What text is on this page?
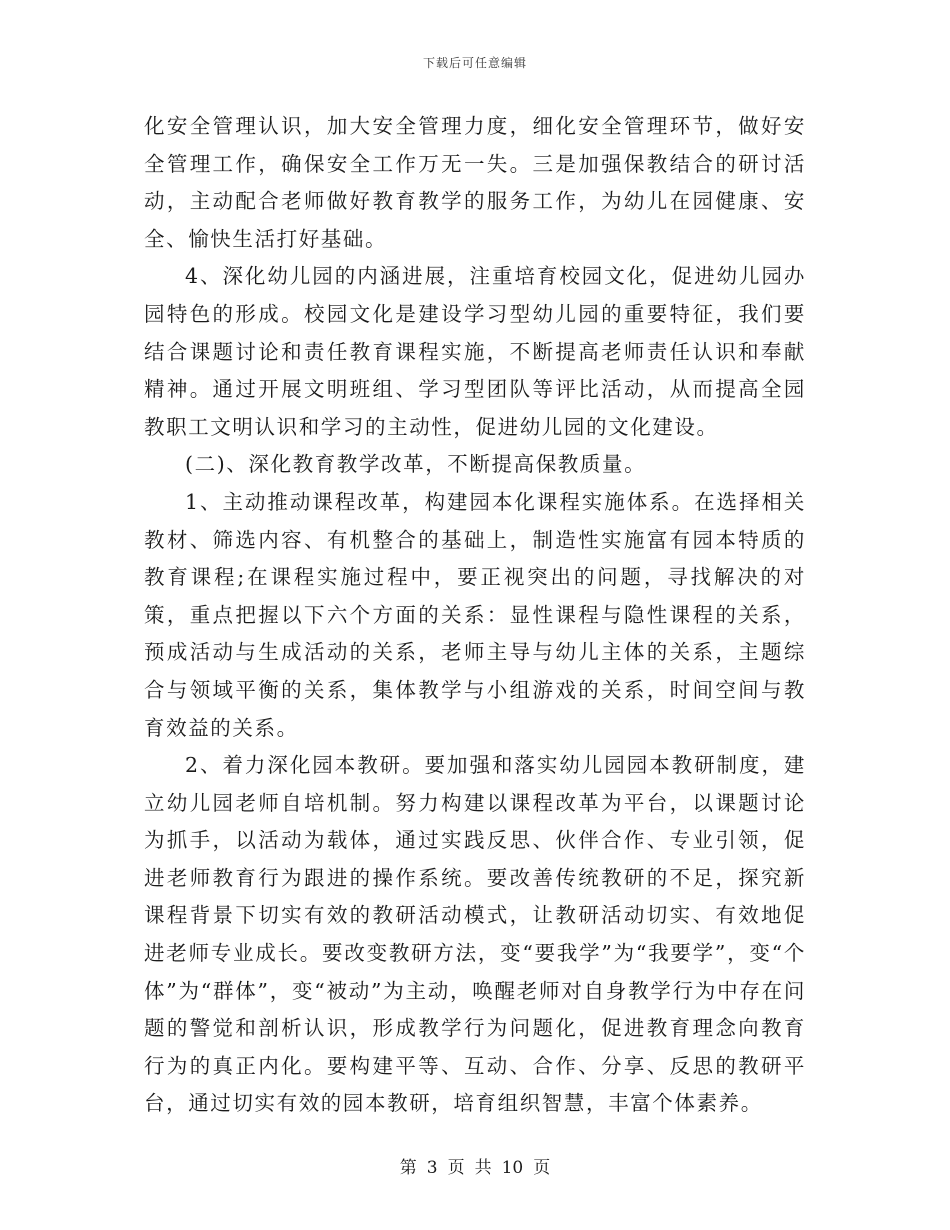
下载后可任意编辑

化安全管理认识，加大安全管理力度，细化安全管理环节，做好安全管理工作，确保安全工作万无一失。三是加强保教结合的研讨活动，主动配合老师做好教育教学的服务工作，为幼儿在园健康、安全、愉快生活打好基础。

4、深化幼儿园的内涵进展，注重培育校园文化，促进幼儿园办园特色的形成。校园文化是建设学习型幼儿园的重要特征，我们要结合课题讨论和责任教育课程实施，不断提高老师责任认识和奉献精神。通过开展文明班组、学习型团队等评比活动，从而提高全园教职工文明认识和学习的主动性，促进幼儿园的文化建设。

(二)、深化教育教学改革，不断提高保教质量。

1、主动推动课程改革，构建园本化课程实施体系。在选择相关教材、筛选内容、有机整合的基础上，制造性实施富有园本特质的教育课程;在课程实施过程中，要正视突出的问题，寻找解决的对策，重点把握以下六个方面的关系：显性课程与隐性课程的关系，预成活动与生成活动的关系，老师主导与幼儿主体的关系，主题综合与领域平衡的关系，集体教学与小组游戏的关系，时间空间与教育效益的关系。

2、着力深化园本教研。要加强和落实幼儿园园本教研制度，建立幼儿园老师自培机制。努力构建以课程改革为平台，以课题讨论为抓手，以活动为载体，通过实践反思、伙伴合作、专业引领，促进老师教育行为跟进的操作系统。要改善传统教研的不足，探究新课程背景下切实有效的教研活动模式，让教研活动切实、有效地促进老师专业成长。要改变教研方法，变“要我学”为“我要学”，变“个体”为“群体”，变“被动”为主动，唤醒老师对自身教学行为中存在问题的警觉和剖析认识，形成教学行为问题化，促进教育理念向教育行为的真正内化。要构建平等、互动、合作、分享、反思的教研平台，通过切实有效的园本教研，培育组织智慧，丰富个体素养。

第 3 页 共 10 页
